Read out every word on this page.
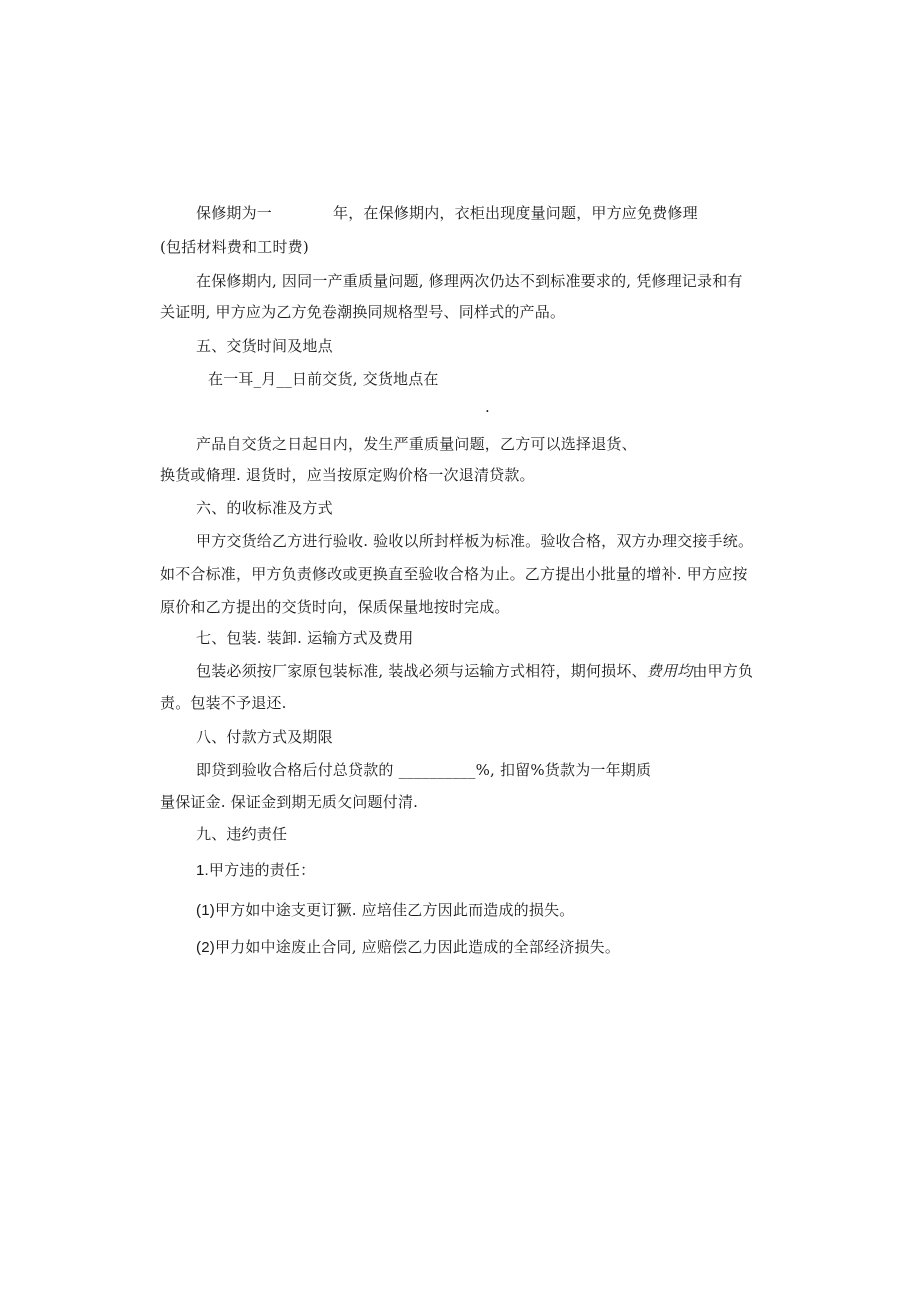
保修期为一	年，在保修期内，衣柜出现度量问题，甲方应免费修理
(包括材料费和工时费)
在保修期内, 因同一产重质量问题, 修理两次仍达不到标准要求的, 凭修理记录和有
关证明, 甲方应为乙方免卷潮换同规格型号、同样式的产品。
五、交货时间及地点
在一耳_月__日前交货, 交货地点在
.
产品自交货之日起日内，发生严重质量问题，乙方可以选择退货、
换货或脩理. 退货时，应当按原定购价格一次退清贷款。
六、的收标准及方式
甲方交货给乙方进行验收. 验收以所封样板为标准。验收合格，双方办理交接手统。
如不合标准，甲方负责修改或更换直至验收合格为止。乙方提出小批量的增补. 甲方应按
原价和乙方提出的交货时向，保质保量地按时完成。
七、包装. 装卸. 运输方式及费用
包装必须按厂家原包装标准, 装战必须与运输方式相符，期何损坏、费用均由甲方负
责。包装不予退还.
八、付款方式及期限
即贷到验收合格后付总贷款的 __________%, 扣留%货款为一年期质
量保证金. 保证金到期无质攵问题付清.
九、违约责任
1.甲方违的责任：
(1)甲方如中途支更订獗. 应培佳乙方因此而造成的损失。
(2)甲力如中途废止合同, 应赔偿乙力因此造成的全部经济损失。
